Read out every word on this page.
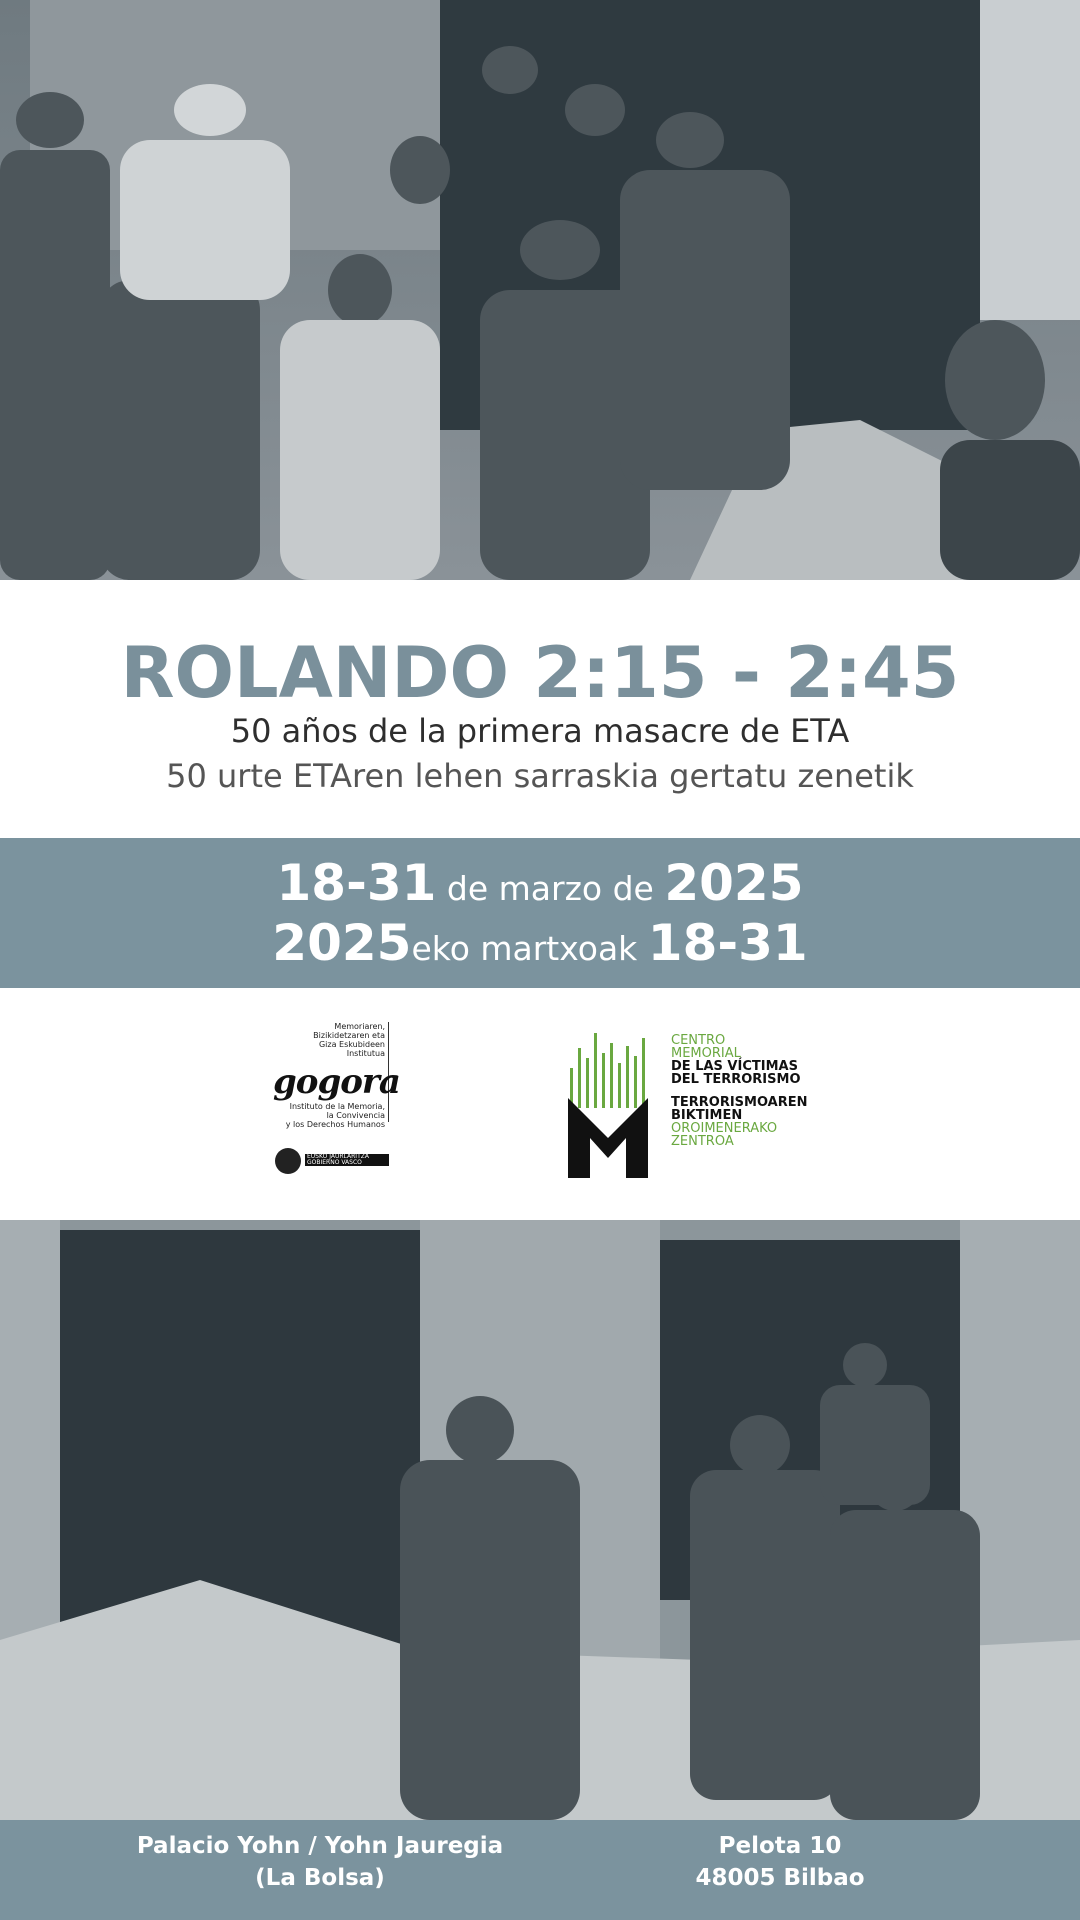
ROLANDO 2:15 - 2:45
50 años de la primera masacre de ETA
50 urte ETAren lehen sarraskia gertatu zenetik
18-31 de marzo de 2025
2025eko martxoak 18-31
Memoriaren,
Bizikidetzaren eta
Giza Eskubideen
Institutua
gogora
Instituto de la Memoria,
la Convivencia
y los Derechos Humanos
EUSKO JAURLARITZA GOBIERNO VASCO
CENTRO
MEMORIAL
DE LAS VÍCTIMAS
DEL TERRORISMO
TERRORISMOAREN
BIKTIMEN
OROIMENERAKO
ZENTROA
Palacio Yohn / Yohn Jauregia
(La Bolsa)
Pelota 10
48005 Bilbao
